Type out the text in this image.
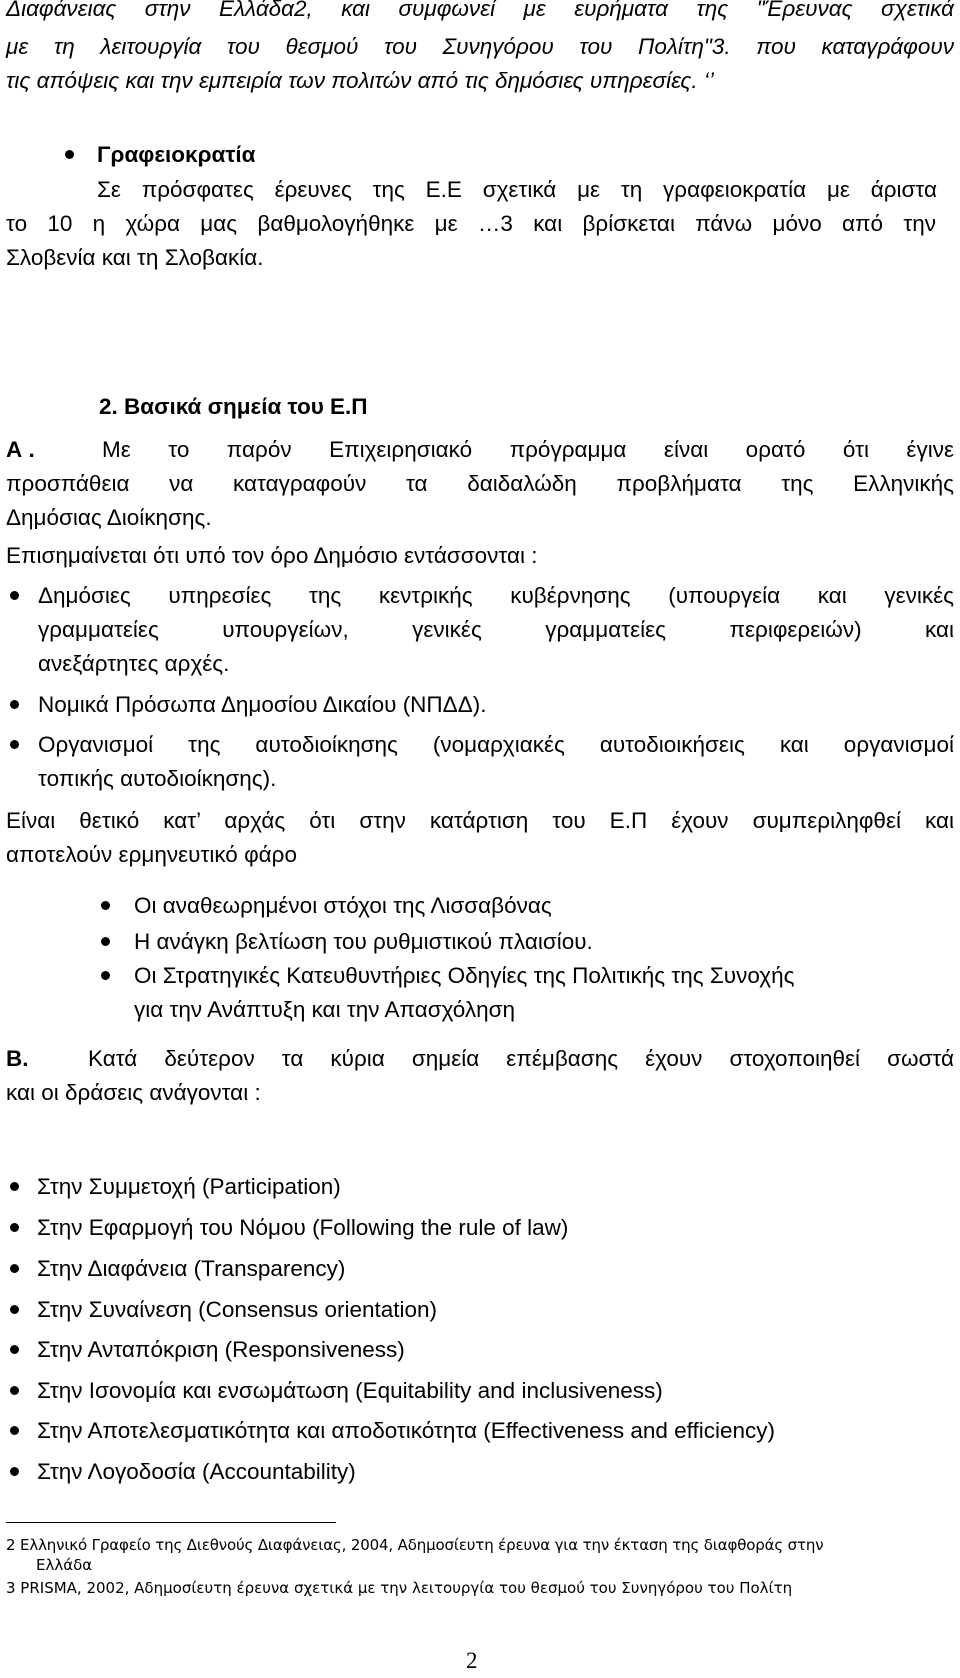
Διαφάνειας στην Ελλάδα2, και συμφωνεί με ευρήματα της "Έρευνας σχετικά

με τη λειτουργία του θεσμού του Συνηγόρου του Πολίτη"3. που καταγράφουν

τις απόψεις και την εμπειρία των πολιτών από τις δημόσιες υπηρεσίες. ‘’

Γραφειοκρατία

Σε πρόσφατες έρευνες της Ε.Ε σχετικά με τη γραφειοκρατία με άριστα

το 10 η χώρα μας βαθμολογήθηκε με …3 και βρίσκεται πάνω μόνο από την

Σλοβενία και τη Σλοβακία.

2. Βασικά σημεία του Ε.Π

Α .	Με το παρόν Επιχειρησιακό πρόγραμμα είναι ορατό ότι έγινε

προσπάθεια να καταγραφούν τα δαιδαλώδη προβλήματα της Ελληνικής

Δημόσιας Διοίκησης.

Επισημαίνεται ότι υπό τον όρο Δημόσιο εντάσσονται :

Δημόσιες υπηρεσίες της κεντρικής κυβέρνησης (υπουργεία και γενικές

γραμματείες υπουργείων, γενικές γραμματείες περιφερειών) και

ανεξάρτητες αρχές.

Νομικά Πρόσωπα Δημοσίου Δικαίου (ΝΠΔΔ).

Οργανισμοί της αυτοδιοίκησης (νομαρχιακές αυτοδιοικήσεις και οργανισμοί

τοπικής αυτοδιοίκησης).

Είναι θετικό κατ’ αρχάς ότι στην κατάρτιση του Ε.Π έχουν συμπεριληφθεί και

αποτελούν ερμηνευτικό φάρο

Οι αναθεωρημένοι στόχοι της Λισσαβόνας

Η ανάγκη βελτίωση του ρυθμιστικού πλαισίου.

Οι Στρατηγικές Κατευθυντήριες Οδηγίες της Πολιτικής της Συνοχής

για την Ανάπτυξη και την Απασχόληση

Β.	Κατά δεύτερον τα κύρια σημεία επέμβασης έχουν στοχοποιηθεί σωστά

και οι δράσεις ανάγονται :

Στην Συμμετοχή (Participation)

Στην Εφαρμογή του Νόμου (Following the rule of law)

Στην Διαφάνεια (Transparency)

Στην Συναίνεση (Consensus orientation)

Στην Ανταπόκριση (Responsiveness)

Στην Ισονομία και ενσωμάτωση (Equitability and inclusiveness)

Στην Αποτελεσματικότητα και αποδοτικότητα (Effectiveness and efficiency)

Στην Λογοδοσία (Accountability)

2 Ελληνικό Γραφείο της Διεθνούς Διαφάνειας, 2004, Αδημοσίευτη έρευνα για την έκταση της διαφθοράς στην

Ελλάδα

3 PRISMA, 2002, Αδημοσίευτη έρευνα σχετικά με την λειτουργία του θεσμού του Συνηγόρου του Πολίτη

2
